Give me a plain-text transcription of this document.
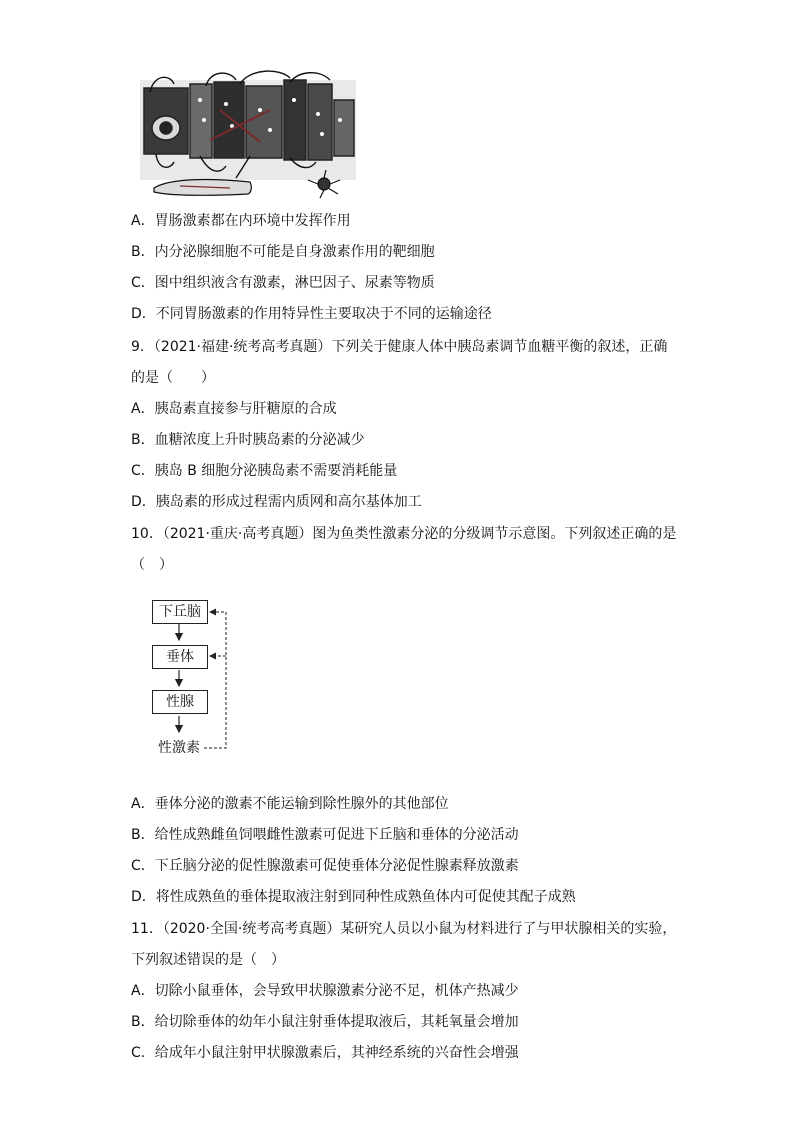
A．胃肠激素都在内环境中发挥作用
B．内分泌腺细胞不可能是自身激素作用的靶细胞
C．图中组织液含有激素，淋巴因子、尿素等物质
D．不同胃肠激素的作用特异性主要取决于不同的运输途径
9．（2021·福建·统考高考真题）下列关于健康人体中胰岛素调节血糖平衡的叙述，正确
的是（　　）
A．胰岛素直接参与肝糖原的合成
B．血糖浓度上升时胰岛素的分泌减少
C．胰岛 B 细胞分泌胰岛素不需要消耗能量
D．胰岛素的形成过程需内质网和高尔基体加工
10．（2021·重庆·高考真题）图为鱼类性激素分泌的分级调节示意图。下列叙述正确的是
（　）
下丘脑
垂体
性腺
性激素
A．垂体分泌的激素不能运输到除性腺外的其他部位
B．给性成熟雌鱼饲喂雌性激素可促进下丘脑和垂体的分泌活动
C．下丘脑分泌的促性腺激素可促使垂体分泌促性腺素释放激素
D．将性成熟鱼的垂体提取液注射到同种性成熟鱼体内可促使其配子成熟
11．（2020·全国·统考高考真题）某研究人员以小鼠为材料进行了与甲状腺相关的实验，
下列叙述错误的是（　）
A．切除小鼠垂体，会导致甲状腺激素分泌不足，机体产热减少
B．给切除垂体的幼年小鼠注射垂体提取液后，其耗氧量会增加
C．给成年小鼠注射甲状腺激素后，其神经系统的兴奋性会增强
